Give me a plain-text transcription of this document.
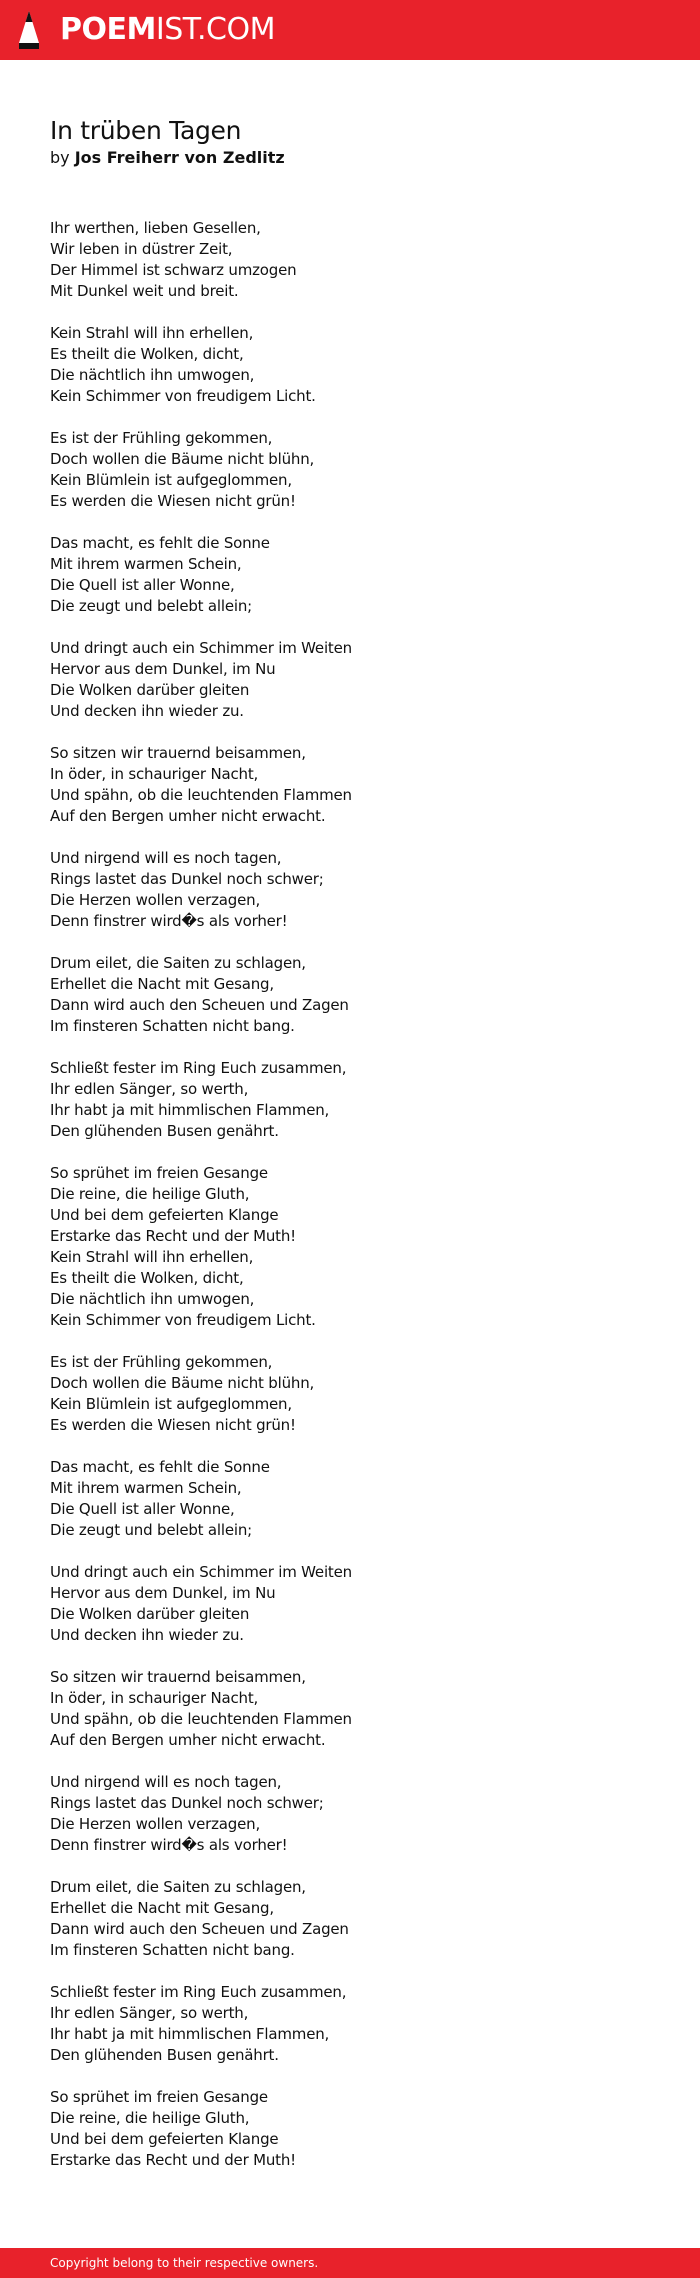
POEMIST.COM
In trüben Tagen
by Jos Freiherr von Zedlitz
Ihr werthen, lieben Gesellen,
Wir leben in düstrer Zeit,
Der Himmel ist schwarz umzogen
Mit Dunkel weit und breit.
Kein Strahl will ihn erhellen,
Es theilt die Wolken, dicht,
Die nächtlich ihn umwogen,
Kein Schimmer von freudigem Licht.
Es ist der Frühling gekommen,
Doch wollen die Bäume nicht blühn,
Kein Blümlein ist aufgeglommen,
Es werden die Wiesen nicht grün!
Das macht, es fehlt die Sonne
Mit ihrem warmen Schein,
Die Quell ist aller Wonne,
Die zeugt und belebt allein;
Und dringt auch ein Schimmer im Weiten
Hervor aus dem Dunkel, im Nu
Die Wolken darüber gleiten
Und decken ihn wieder zu.
So sitzen wir trauernd beisammen,
In öder, in schauriger Nacht,
Und spähn, ob die leuchtenden Flammen
Auf den Bergen umher nicht erwacht.
Und nirgend will es noch tagen,
Rings lastet das Dunkel noch schwer;
Die Herzen wollen verzagen,
Denn finstrer wird�s als vorher!
Drum eilet, die Saiten zu schlagen,
Erhellet die Nacht mit Gesang,
Dann wird auch den Scheuen und Zagen
Im finsteren Schatten nicht bang.
Schließt fester im Ring Euch zusammen,
Ihr edlen Sänger, so werth,
Ihr habt ja mit himmlischen Flammen,
Den glühenden Busen genährt.
So sprühet im freien Gesange
Die reine, die heilige Gluth,
Und bei dem gefeierten Klange
Erstarke das Recht und der Muth!
Kein Strahl will ihn erhellen,
Es theilt die Wolken, dicht,
Die nächtlich ihn umwogen,
Kein Schimmer von freudigem Licht.
Es ist der Frühling gekommen,
Doch wollen die Bäume nicht blühn,
Kein Blümlein ist aufgeglommen,
Es werden die Wiesen nicht grün!
Das macht, es fehlt die Sonne
Mit ihrem warmen Schein,
Die Quell ist aller Wonne,
Die zeugt und belebt allein;
Und dringt auch ein Schimmer im Weiten
Hervor aus dem Dunkel, im Nu
Die Wolken darüber gleiten
Und decken ihn wieder zu.
So sitzen wir trauernd beisammen,
In öder, in schauriger Nacht,
Und spähn, ob die leuchtenden Flammen
Auf den Bergen umher nicht erwacht.
Und nirgend will es noch tagen,
Rings lastet das Dunkel noch schwer;
Die Herzen wollen verzagen,
Denn finstrer wird�s als vorher!
Drum eilet, die Saiten zu schlagen,
Erhellet die Nacht mit Gesang,
Dann wird auch den Scheuen und Zagen
Im finsteren Schatten nicht bang.
Schließt fester im Ring Euch zusammen,
Ihr edlen Sänger, so werth,
Ihr habt ja mit himmlischen Flammen,
Den glühenden Busen genährt.
So sprühet im freien Gesange
Die reine, die heilige Gluth,
Und bei dem gefeierten Klange
Erstarke das Recht und der Muth!
Copyright belong to their respective owners.
